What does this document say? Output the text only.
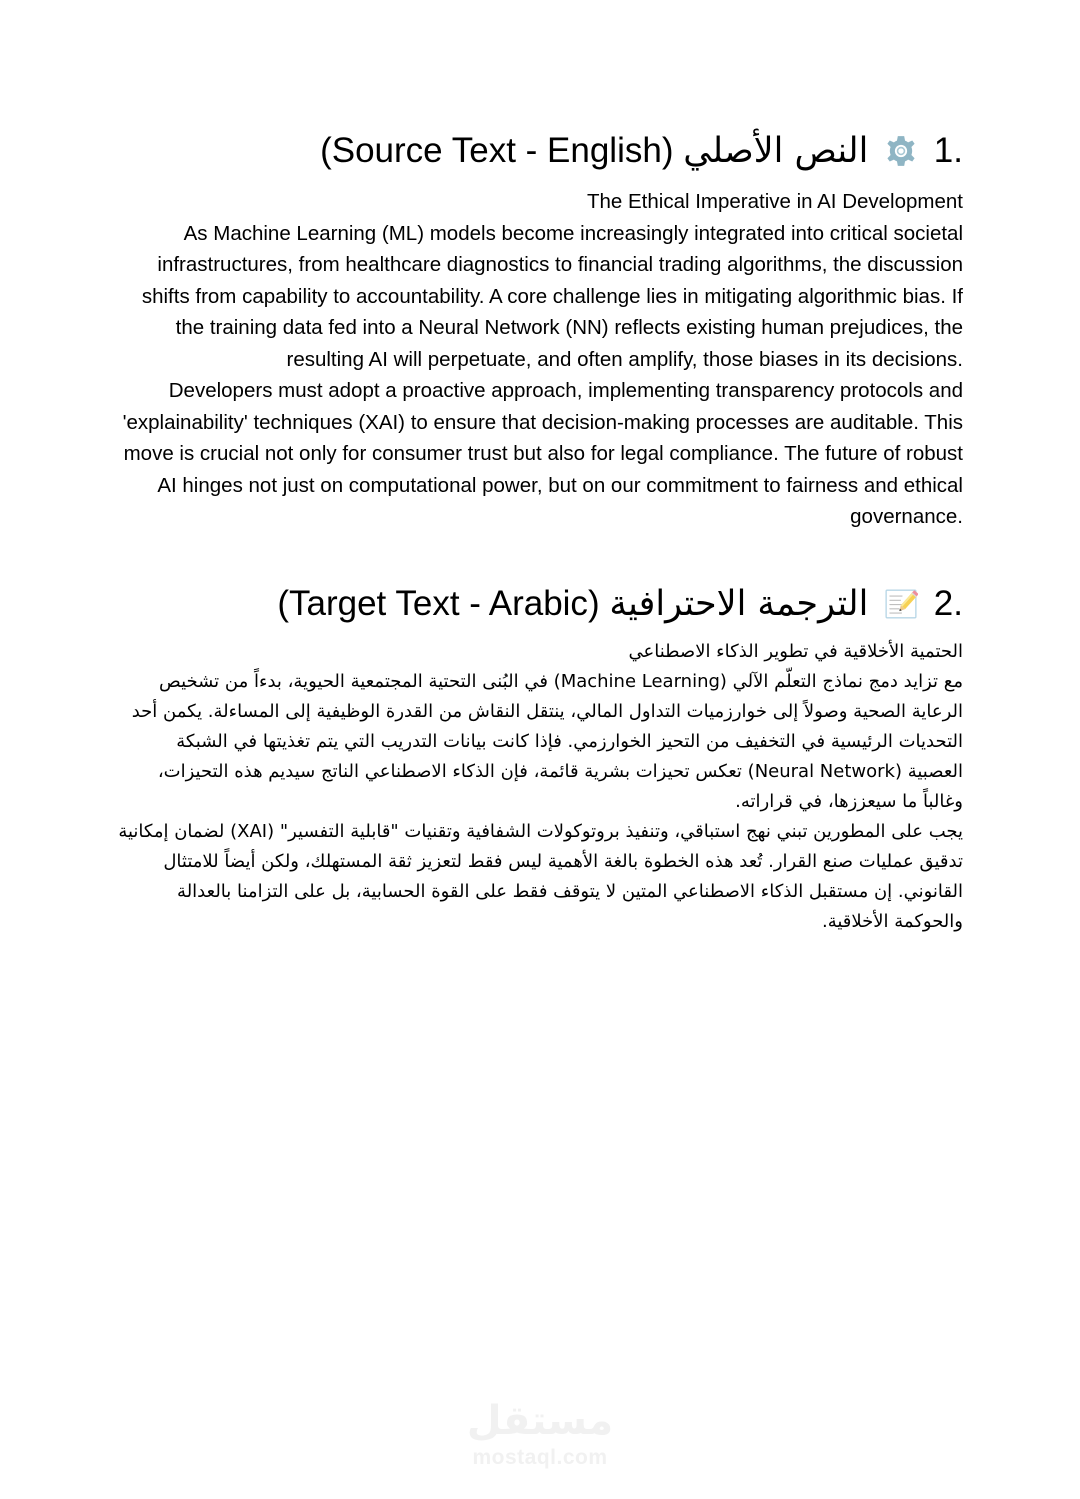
.1
النص الأصلي (Source Text - English)
The Ethical Imperative in AI Development
As Machine Learning (ML) models become increasingly integrated into critical societal
infrastructures, from healthcare diagnostics to financial trading algorithms, the discussion
shifts from capability to accountability. A core challenge lies in mitigating algorithmic bias. If
the training data fed into a Neural Network (NN) reflects existing human prejudices, the
resulting AI will perpetuate, and often amplify, those biases in its decisions.
Developers must adopt a proactive approach, implementing transparency protocols and
'explainability' techniques (XAI) to ensure that decision-making processes are auditable. This
move is crucial not only for consumer trust but also for legal compliance. The future of robust
AI hinges not just on computational power, but on our commitment to fairness and ethical
governance.
.2
الترجمة الاحترافية (Target Text - Arabic)
الحتمية الأخلاقية في تطوير الذكاء الاصطناعي
مع تزايد دمج نماذج التعلّم الآلي (Machine Learning) في البُنى التحتية المجتمعية الحيوية، بدءاً من تشخيص الرعاية الصحية وصولاً إلى خوارزميات التداول المالي، ينتقل النقاش من القدرة الوظيفية إلى المساءلة. يكمن أحد التحديات الرئيسية في التخفيف من التحيز الخوارزمي. فإذا كانت بيانات التدريب التي يتم تغذيتها في الشبكة العصبية (Neural Network) تعكس تحيزات بشرية قائمة، فإن الذكاء الاصطناعي الناتج سيديم هذه التحيزات، وغالباً ما سيعززها، في قراراته.
يجب على المطورين تبني نهج استباقي، وتنفيذ بروتوكولات الشفافية وتقنيات "قابلية التفسير" (XAI) لضمان إمكانية تدقيق عمليات صنع القرار. تُعد هذه الخطوة بالغة الأهمية ليس فقط لتعزيز ثقة المستهلك، ولكن أيضاً للامتثال القانوني. إن مستقبل الذكاء الاصطناعي المتين لا يتوقف فقط على القوة الحسابية، بل على التزامنا بالعدالة والحوكمة الأخلاقية.
مستقل
mostaql.com
